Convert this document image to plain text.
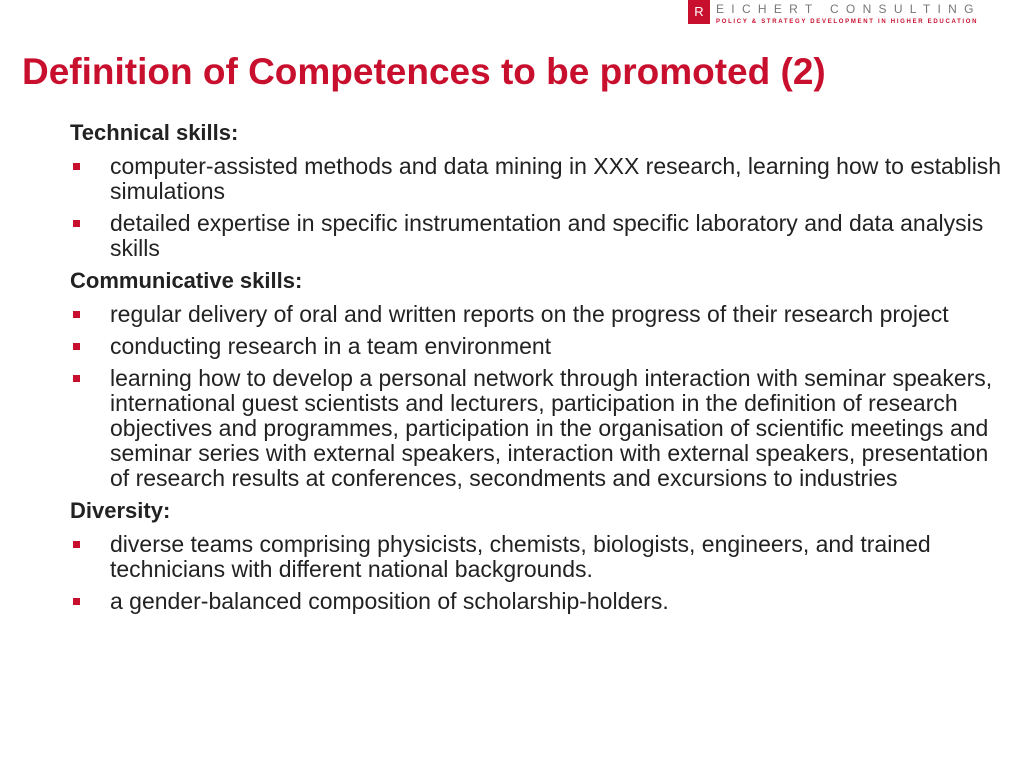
R	EICHERT CONSULTING
POLICY & STRATEGY DEVELOPMENT IN HIGHER EDUCATION
Definition of Competences to be promoted (2)
Technical skills:
computer-assisted methods and data mining in XXX research, learning how to establish simulations
detailed expertise in specific instrumentation and specific laboratory and data analysis skills
Communicative skills:
regular delivery of oral and written reports on the progress of their research project
conducting research in a team environment
learning how to develop a personal network through interaction with seminar speakers, international guest scientists and lecturers, participation in the definition of research objectives and programmes, participation in the organisation of scientific meetings and seminar series with external speakers, interaction with external speakers, presentation of research results at conferences, secondments and excursions to industries
Diversity:
diverse teams comprising physicists, chemists, biologists, engineers, and trained technicians with different national backgrounds.
a gender-balanced composition of scholarship-holders.
